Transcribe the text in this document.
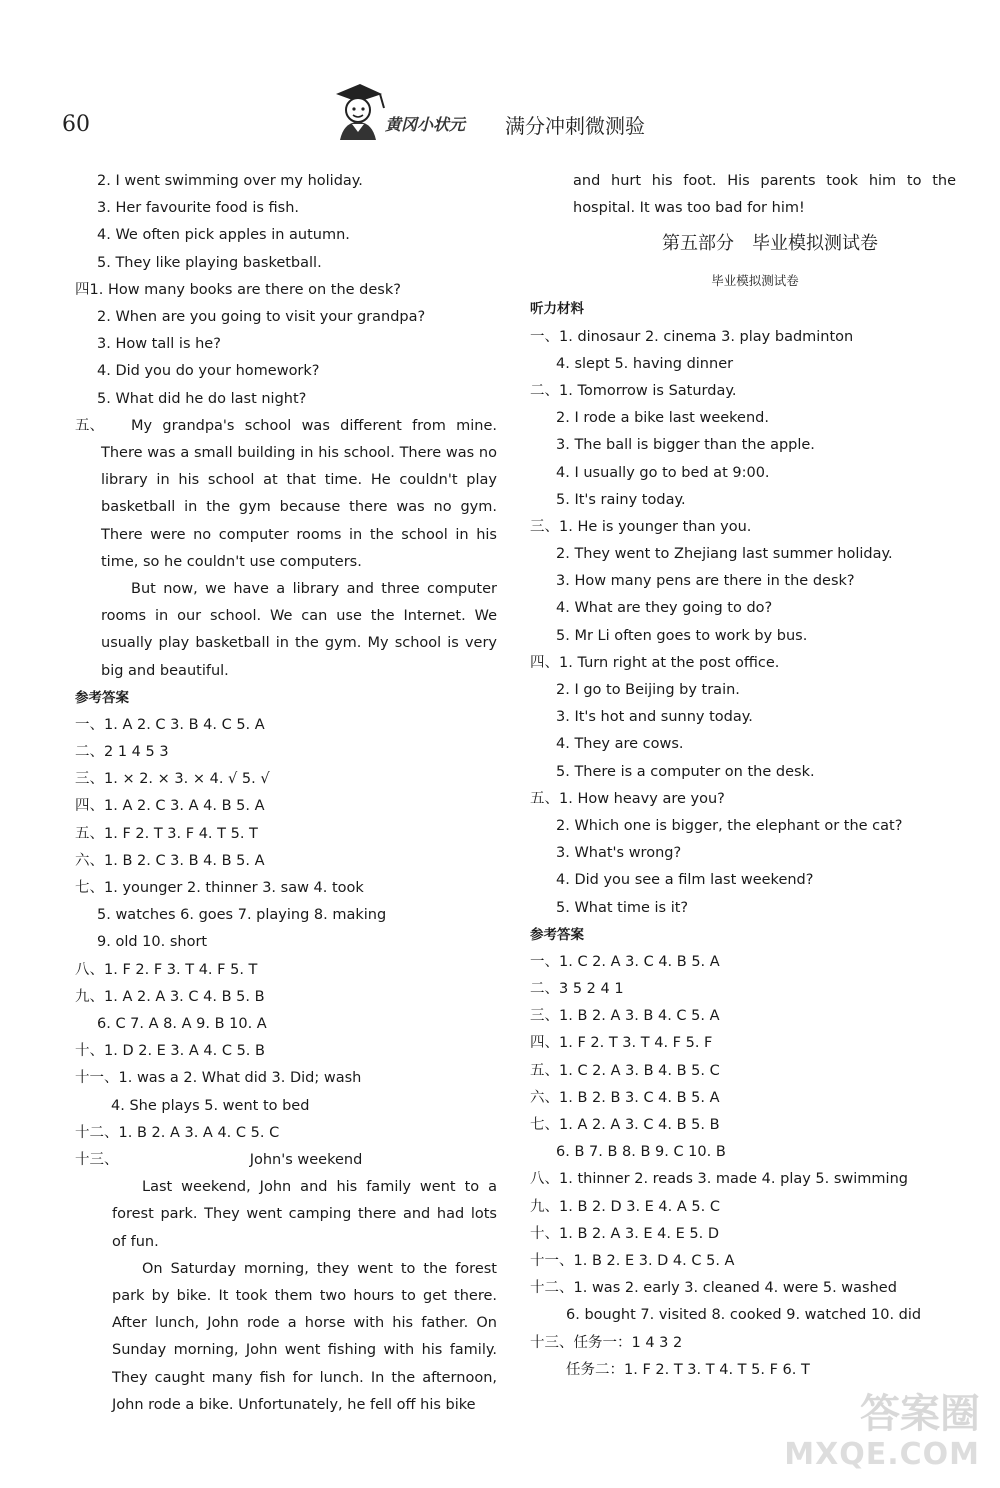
60	黄冈小状元 满分冲刺微测验
2. I went swimming over my holiday.
3. Her favourite food is fish.
4. We often pick apples in autumn.
5. They like playing basketball.
四1. How many books are there on the desk?
2. When are you going to visit your grandpa?
3. How tall is he?
4. Did you do your homework?
5. What did he do last night?
五、	My grandpa's school was different from mine. There was a small building in his school. There was no library in his school at that time. He couldn't play basketball in the gym because there was no gym. There were no computer rooms in the school in his time, so he couldn't use computers.
But now, we have a library and three computer rooms in our school. We can use the Internet. We usually play basketball in the gym. My school is very big and beautiful.
参考答案
一、1. A 2. C 3. B 4. C 5. A
二、2 1 4 5 3
三、1. × 2. × 3. × 4. √ 5. √
四、1. A 2. C 3. A 4. B 5. A
五、1. F 2. T 3. F 4. T 5. T
六、1. B 2. C 3. B 4. B 5. A
七、1. younger 2. thinner 3. saw 4. took
5. watches 6. goes 7. playing 8. making
9. old 10. short
八、1. F 2. F 3. T 4. F 5. T
九、1. A 2. A 3. C 4. B 5. B
6. C 7. A 8. A 9. B 10. A
十、1. D 2. E 3. A 4. C 5. B
十一、1. was a 2. What did 3. Did; wash
4. She plays 5. went to bed
十二、1. B 2. A 3. A 4. C 5. C
十三、	John's weekend
Last weekend, John and his family went to a forest park. They went camping there and had lots of fun.
On Saturday morning, they went to the forest park by bike. It took them two hours to get there. After lunch, John rode a horse with his father. On Sunday morning, John went fishing with his family. They caught many fish for lunch. In the afternoon, John rode a bike. Unfortunately, he fell off his bike
and hurt his foot. His parents took him to the hospital. It was too bad for him!
第五部分　毕业模拟测试卷
毕业模拟测试卷
听力材料
一、1. dinosaur 2. cinema 3. play badminton
4. slept 5. having dinner
二、1. Tomorrow is Saturday.
2. I rode a bike last weekend.
3. The ball is bigger than the apple.
4. I usually go to bed at 9:00.
5. It's rainy today.
三、1. He is younger than you.
2. They went to Zhejiang last summer holiday.
3. How many pens are there in the desk?
4. What are they going to do?
5. Mr Li often goes to work by bus.
四、1. Turn right at the post office.
2. I go to Beijing by train.
3. It's hot and sunny today.
4. They are cows.
5. There is a computer on the desk.
五、1. How heavy are you?
2. Which one is bigger, the elephant or the cat?
3. What's wrong?
4. Did you see a film last weekend?
5. What time is it?
参考答案
一、1. C 2. A 3. C 4. B 5. A
二、3 5 2 4 1
三、1. B 2. A 3. B 4. C 5. A
四、1. F 2. T 3. T 4. F 5. F
五、1. C 2. A 3. B 4. B 5. C
六、1. B 2. B 3. C 4. B 5. A
七、1. A 2. A 3. C 4. B 5. B
6. B 7. B 8. B 9. C 10. B
八、1. thinner 2. reads 3. made 4. play 5. swimming
九、1. B 2. D 3. E 4. A 5. C
十、1. B 2. A 3. E 4. E 5. D
十一、1. B 2. E 3. D 4. C 5. A
十二、1. was 2. early 3. cleaned 4. were 5. washed
6. bought 7. visited 8. cooked 9. watched 10. did
十三、任务一：1 4 3 2
任务二：1. F 2. T 3. T 4. T 5. F 6. T
答案圈
MXQE.COM
